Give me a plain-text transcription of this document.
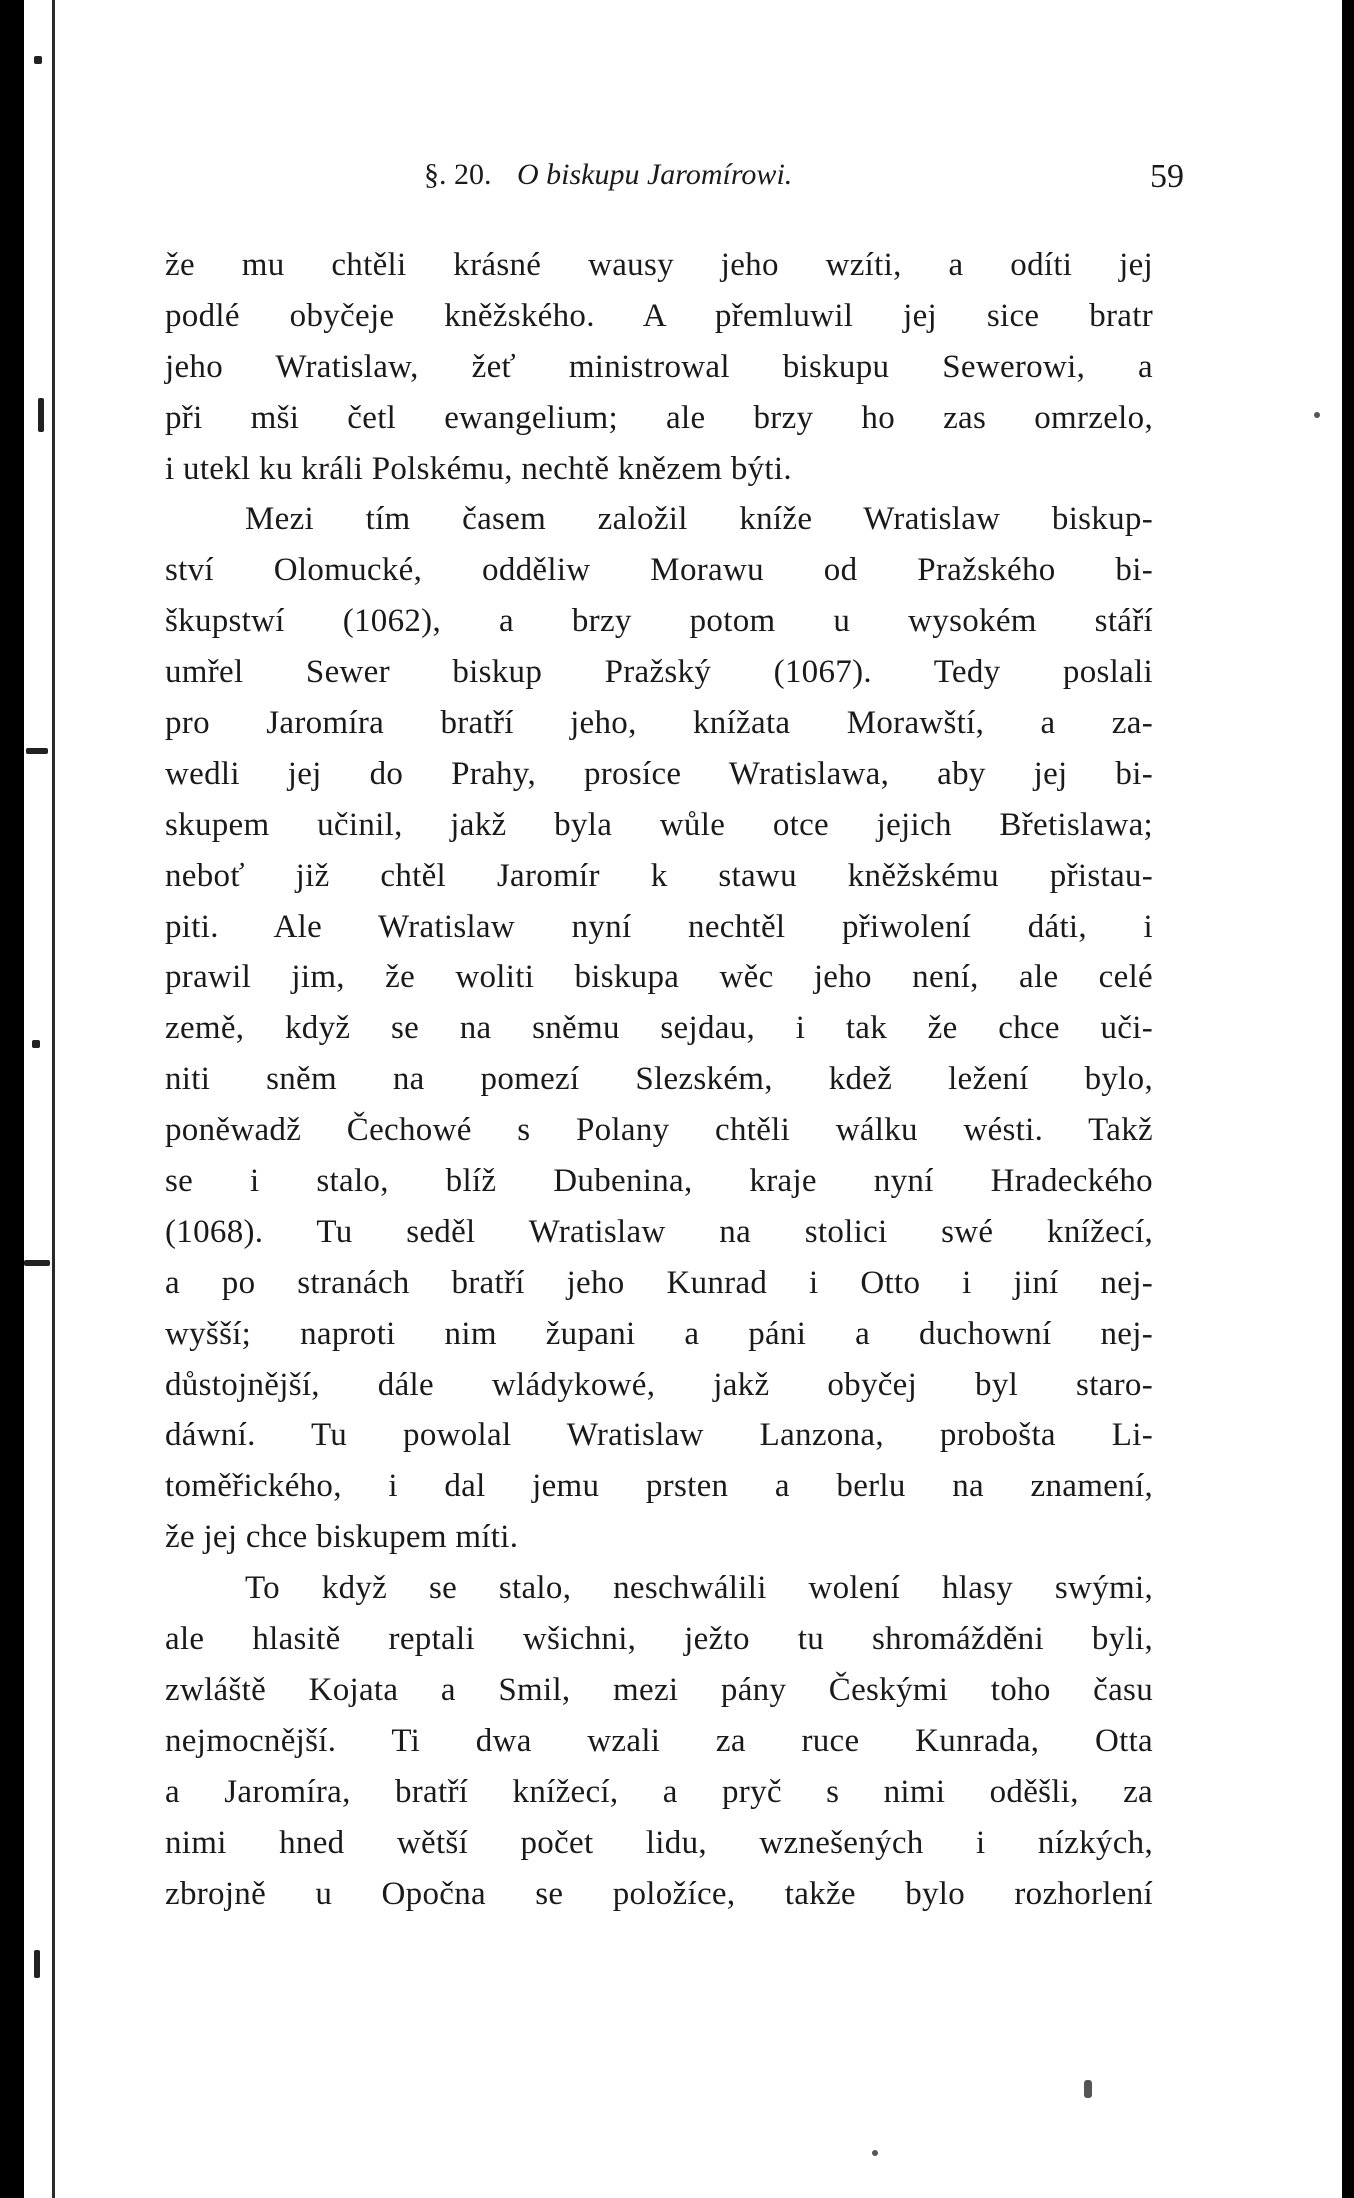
§. 20. O biskupu Jaromírowi.	59
že mu chtěli krásné wausy jeho wzíti, a odíti jej
podlé obyčeje kněžského. A přemluwil jej sice bratr
jeho Wratislaw, žeť ministrowal biskupu Sewerowi, a
při mši četl ewangelium; ale brzy ho zas omrzelo,
i utekl ku králi Polskému, nechtě knězem býti.
Mezi tím časem založil kníže Wratislaw biskup-
ství Olomucké, odděliw Morawu od Pražského bi-
škupstwí (1062), a brzy potom u wysokém stáří
umřel Sewer biskup Pražský (1067). Tedy poslali
pro Jaromíra bratří jeho, knížata Morawští, a za-
wedli jej do Prahy, prosíce Wratislawa, aby jej bi-
skupem učinil, jakž byla wůle otce jejich Břetislawa;
neboť již chtěl Jaromír k stawu kněžskému přistau-
piti. Ale Wratislaw nyní nechtěl přiwolení dáti, i
prawil jim, že woliti biskupa wěc jeho není, ale celé
země, když se na sněmu sejdau, i tak že chce uči-
niti sněm na pomezí Slezském, kdež ležení bylo,
poněwadž Čechowé s Polany chtěli wálku wésti. Takž
se i stalo, blíž Dubenina, kraje nyní Hradeckého
(1068). Tu seděl Wratislaw na stolici swé knížecí,
a po stranách bratří jeho Kunrad i Otto i jiní nej-
wyšší; naproti nim župani a páni a duchowní nej-
důstojnější, dále wládykowé, jakž obyčej byl staro-
dáwní. Tu powolal Wratislaw Lanzona, probošta Li-
toměřického, i dal jemu prsten a berlu na znamení,
že jej chce biskupem míti.
To když se stalo, neschwálili wolení hlasy swými,
ale hlasitě reptali wšichni, ježto tu shromážděni byli,
zwláště Kojata a Smil, mezi pány Českými toho času
nejmocnější. Ti dwa wzali za ruce Kunrada, Otta
a Jaromíra, bratří knížecí, a pryč s nimi oděšli, za
nimi hned wětší počet lidu, wznešených i nízkých,
zbrojně u Opočna se položíce, takže bylo rozhorlení
